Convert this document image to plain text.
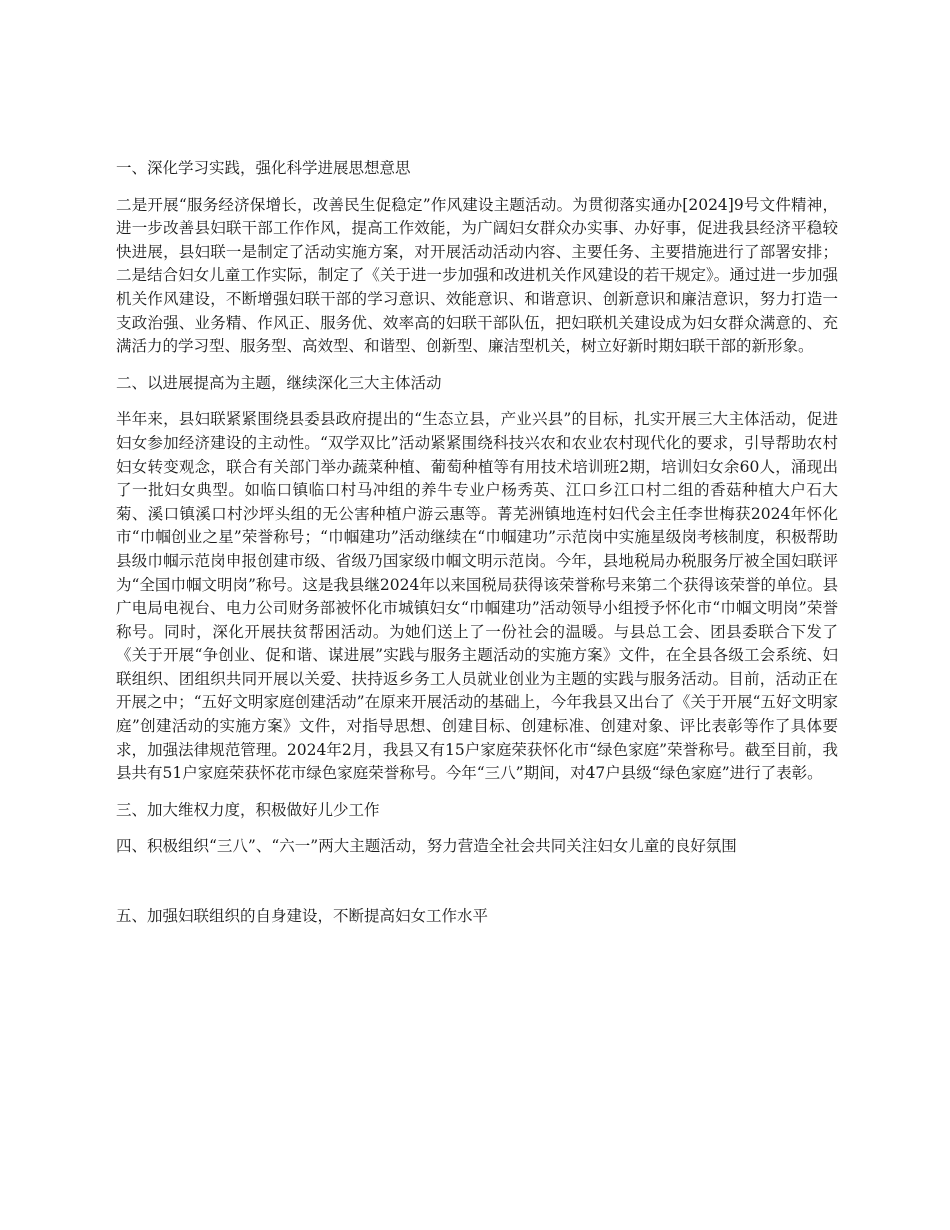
一、深化学习实践，强化科学进展思想意思

二是开展“服务经济保增长，改善民生促稳定”作风建设主题活动。为贯彻落实通办[2024]9号文件精神，进一步改善县妇联干部工作作风，提高工作效能，为广阔妇女群众办实事、办好事，促进我县经济平稳较快进展，县妇联一是制定了活动实施方案，对开展活动活动内容、主要任务、主要措施进行了部署安排；二是结合妇女儿童工作实际，制定了《关于进一步加强和改进机关作风建设的若干规定》。通过进一步加强机关作风建设，不断增强妇联干部的学习意识、效能意识、和谐意识、创新意识和廉洁意识，努力打造一支政治强、业务精、作风正、服务优、效率高的妇联干部队伍，把妇联机关建设成为妇女群众满意的、充满活力的学习型、服务型、高效型、和谐型、创新型、廉洁型机关，树立好新时期妇联干部的新形象。

二、以进展提高为主题，继续深化三大主体活动

半年来，县妇联紧紧围绕县委县政府提出的“生态立县，产业兴县”的目标，扎实开展三大主体活动，促进妇女参加经济建设的主动性。“双学双比”活动紧紧围绕科技兴农和农业农村现代化的要求，引导帮助农村妇女转变观念，联合有关部门举办蔬菜种植、葡萄种植等有用技术培训班2期，培训妇女余60人，涌现出了一批妇女典型。如临口镇临口村马冲组的养牛专业户杨秀英、江口乡江口村二组的香菇种植大户石大菊、溪口镇溪口村沙坪头组的无公害种植户游云惠等。菁芜洲镇地连村妇代会主任李世梅获2024年怀化市“巾帼创业之星”荣誉称号；“巾帼建功”活动继续在“巾帼建功”示范岗中实施星级岗考核制度，积极帮助县级巾帼示范岗申报创建市级、省级乃国家级巾帼文明示范岗。今年，县地税局办税服务厅被全国妇联评为“全国巾帼文明岗”称号。这是我县继2024年以来国税局获得该荣誉称号来第二个获得该荣誉的单位。县广电局电视台、电力公司财务部被怀化市城镇妇女“巾帼建功”活动领导小组授予怀化市“巾帼文明岗”荣誉称号。同时，深化开展扶贫帮困活动。为她们送上了一份社会的温暖。与县总工会、团县委联合下发了《关于开展“争创业、促和谐、谋进展”实践与服务主题活动的实施方案》文件，在全县各级工会系统、妇联组织、团组织共同开展以关爱、扶持返乡务工人员就业创业为主题的实践与服务活动。目前，活动正在开展之中；“五好文明家庭创建活动”在原来开展活动的基础上，今年我县又出台了《关于开展“五好文明家庭”创建活动的实施方案》文件，对指导思想、创建目标、创建标准、创建对象、评比表彰等作了具体要求，加强法律规范管理。2024年2月，我县又有15户家庭荣获怀化市“绿色家庭”荣誉称号。截至目前，我县共有51户家庭荣获怀花市绿色家庭荣誉称号。今年“三八”期间，对47户县级“绿色家庭”进行了表彰。

三、加大维权力度，积极做好儿少工作

四、积极组织“三八”、“六一”两大主题活动，努力营造全社会共同关注妇女儿童的良好氛围

五、加强妇联组织的自身建设，不断提高妇女工作水平
